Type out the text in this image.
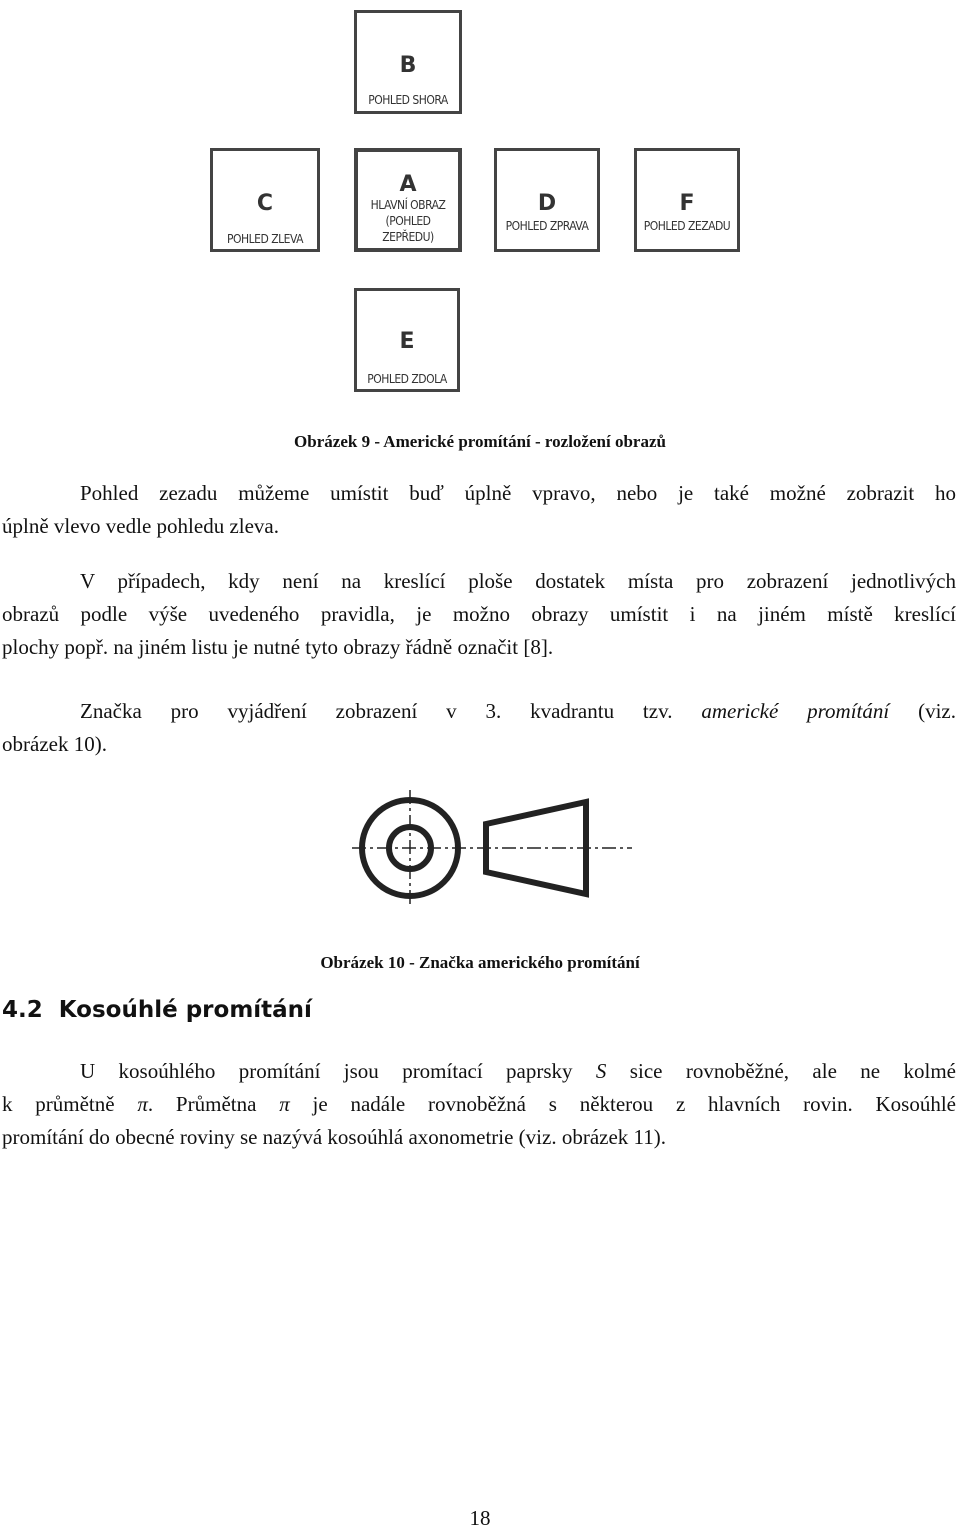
B
POHLED SHORA
C
POHLED ZLEVA
A
HLAVNÍ OBRAZ
(POHLED
ZEPŘEDU)
D
POHLED ZPRAVA
F
POHLED ZEZADU
E
POHLED ZDOLA
Obrázek 9 - Americké promítání - rozložení obrazů
Pohled zezadu můžeme umístit buď úplně vpravo, nebo je také možné zobrazit ho
úplně vlevo vedle pohledu zleva.
V případech, kdy není na kreslící ploše dostatek místa pro zobrazení jednotlivých
obrazů podle výše uvedeného pravidla, je možno obrazy umístit i na jiném místě kreslící
plochy popř. na jiném listu je nutné tyto obrazy řádně označit [8].
Značka pro vyjádření zobrazení v 3. kvadrantu tzv. americké promítání (viz.
obrázek 10).
Obrázek 10 - Značka amerického promítání
4.2  Kosoúhlé promítání
U kosoúhlého promítání jsou promítací paprsky S sice rovnoběžné, ale ne kolmé
k průmětně π. Průmětna π je nadále rovnoběžná s některou z hlavních rovin. Kosoúhlé
promítání do obecné roviny se nazývá kosoúhlá axonometrie (viz. obrázek 11).
18
